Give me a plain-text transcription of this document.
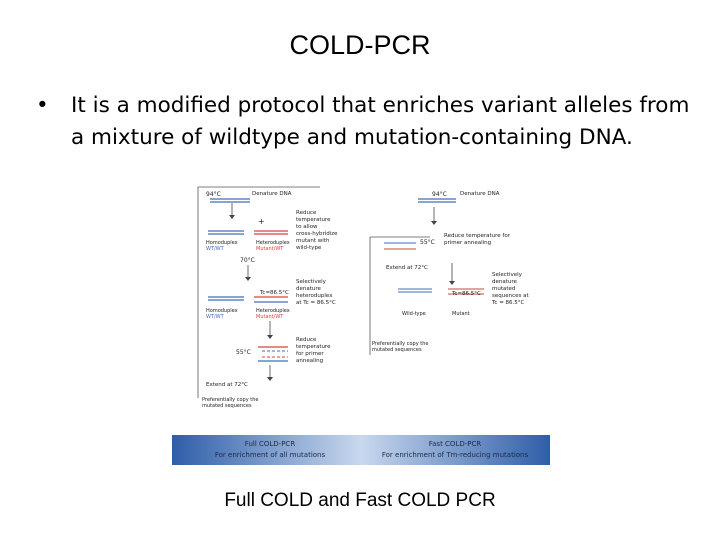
COLD-PCR
• It is a modified protocol that enriches variant alleles from a mixture of wildtype and mutation-containing DNA.
94°C	Denature DNA
Reduce temperature to allow cross-hybridize mutant with wild-type
+
Homoduplex WT/WT
Heteroduplex Mutant/WT
70°C
Tc=86.5°C
Selectively denature heteroduplex at Tc = 86.5°C
Homoduplex WT/WT
Heteroduplex Mutant/WT
55°C
Reduce temperature for primer annealing
Extend at 72°C
Preferentially copy the mutated sequences
94°C Denature DNA
55°C
Reduce temperature for primer annealing
Extend at 72°C
Selectively denature mutated sequences at Tc = 86.5°C
Tc=86.5°C
Wild-type	Mutant
Preferentially copy the mutated sequences
Full COLD-PCR
For enrichment of all mutations
Fast COLD-PCR
For enrichment of Tm-reducing mutations
Full COLD and Fast COLD PCR
